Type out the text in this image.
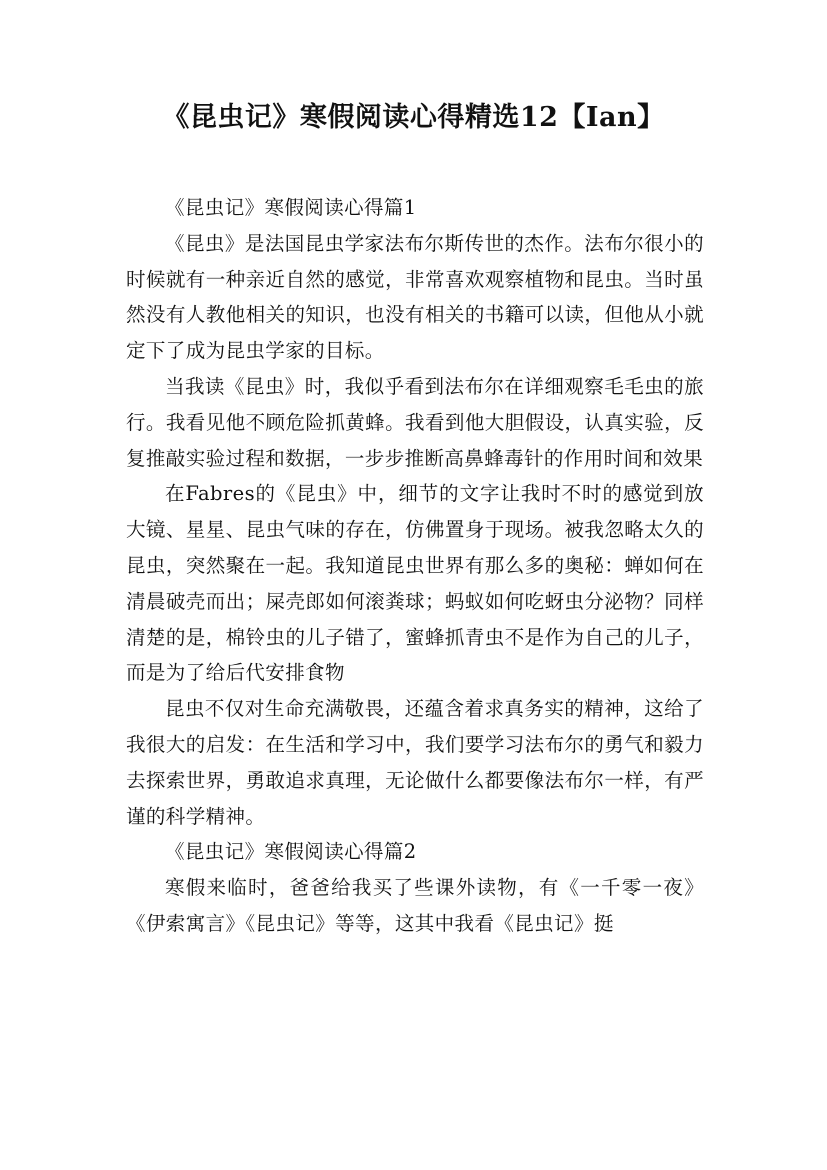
《昆虫记》寒假阅读心得精选12【Ian】

《昆虫记》寒假阅读心得篇1

《昆虫》是法国昆虫学家法布尔斯传世的杰作。法布尔很小的时候就有一种亲近自然的感觉，非常喜欢观察植物和昆虫。当时虽然没有人教他相关的知识，也没有相关的书籍可以读，但他从小就定下了成为昆虫学家的目标。

当我读《昆虫》时，我似乎看到法布尔在详细观察毛毛虫的旅行。我看见他不顾危险抓黄蜂。我看到他大胆假设，认真实验，反复推敲实验过程和数据，一步步推断高鼻蜂毒针的作用时间和效果

在Fabres的《昆虫》中，细节的文字让我时不时的感觉到放大镜、星星、昆虫气味的存在，仿佛置身于现场。被我忽略太久的昆虫，突然聚在一起。我知道昆虫世界有那么多的奥秘：蝉如何在清晨破壳而出；屎壳郎如何滚粪球；蚂蚁如何吃蚜虫分泌物？同样清楚的是，棉铃虫的儿子错了，蜜蜂抓青虫不是作为自己的儿子，而是为了给后代安排食物

昆虫不仅对生命充满敬畏，还蕴含着求真务实的精神，这给了我很大的启发：在生活和学习中，我们要学习法布尔的勇气和毅力去探索世界，勇敢追求真理，无论做什么都要像法布尔一样，有严谨的科学精神。

《昆虫记》寒假阅读心得篇2

寒假来临时，爸爸给我买了些课外读物，有《一千零一夜》《伊索寓言》《昆虫记》等等，这其中我看《昆虫记》挺
